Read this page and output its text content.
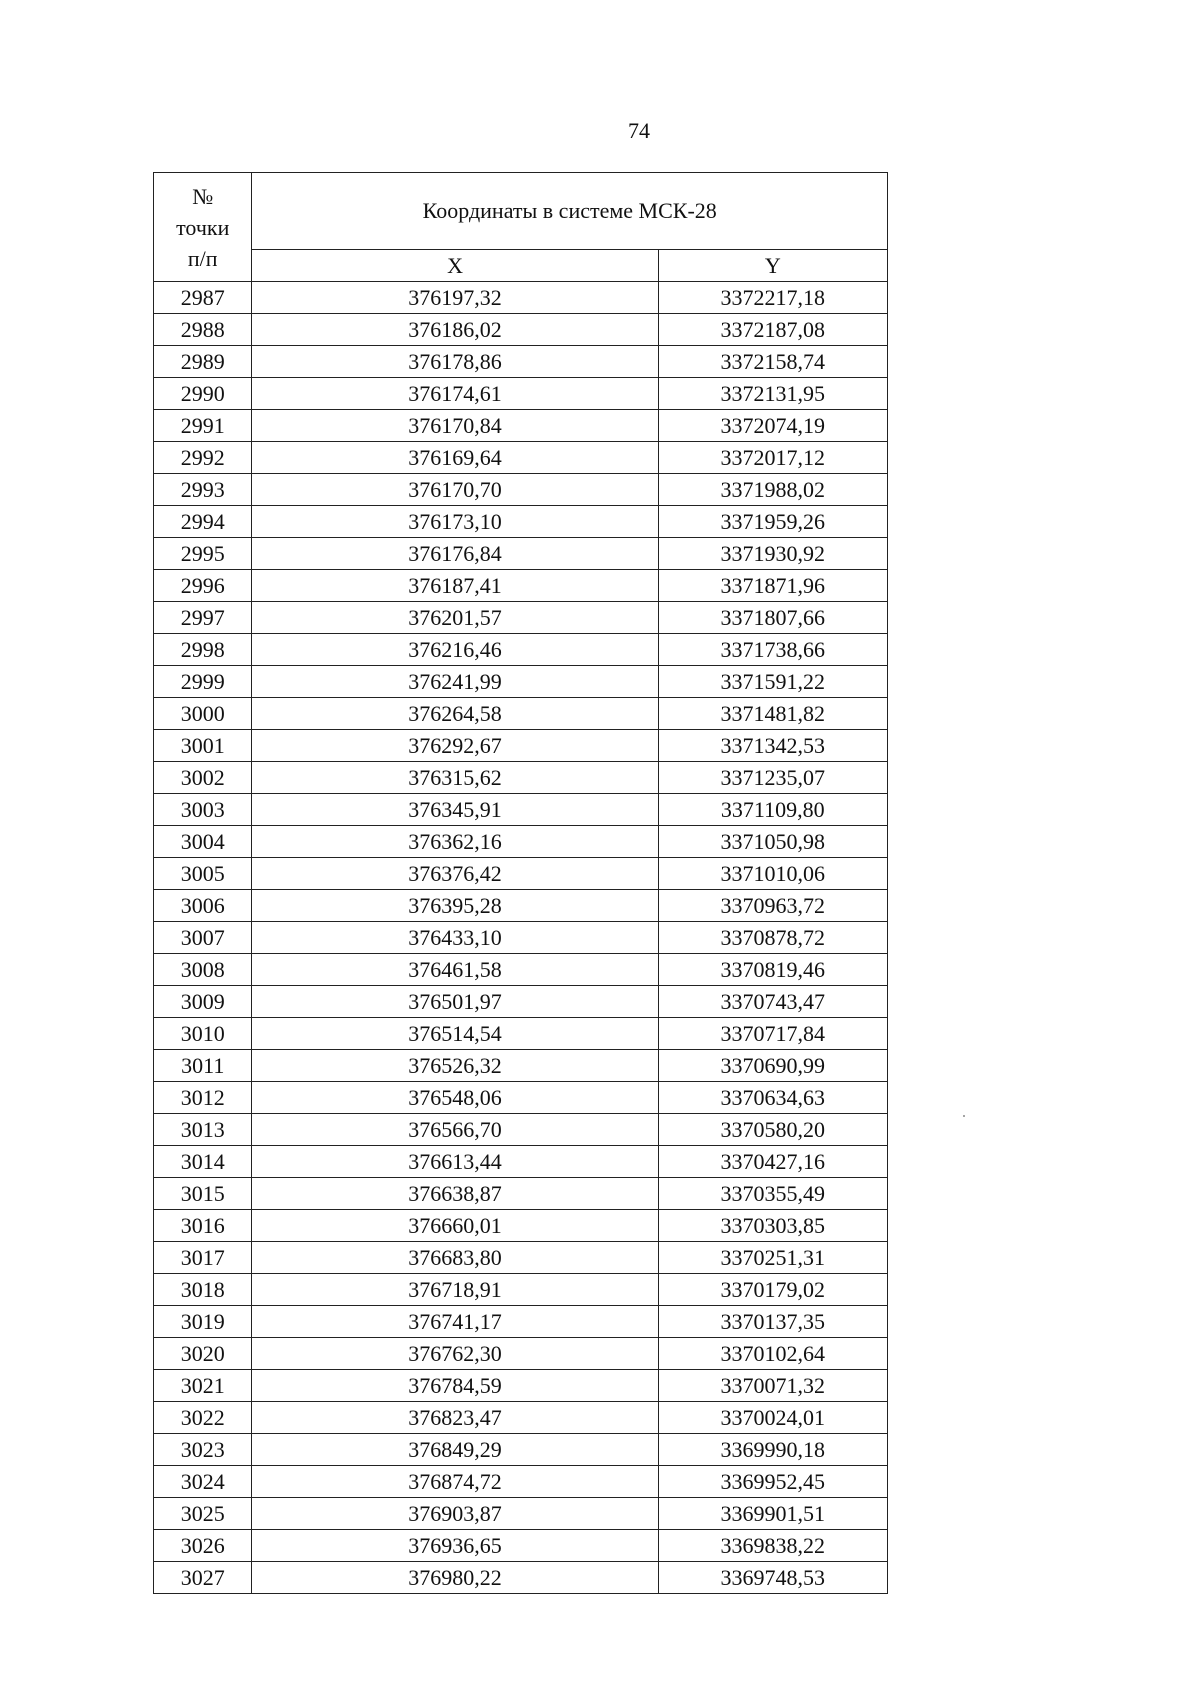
74
№
точки
п/п	Координаты в системе МСК-28	
	X	Y
2987	376197,32	3372217,18
2988	376186,02	3372187,08
2989	376178,86	3372158,74
2990	376174,61	3372131,95
2991	376170,84	3372074,19
2992	376169,64	3372017,12
2993	376170,70	3371988,02
2994	376173,10	3371959,26
2995	376176,84	3371930,92
2996	376187,41	3371871,96
2997	376201,57	3371807,66
2998	376216,46	3371738,66
2999	376241,99	3371591,22
3000	376264,58	3371481,82
3001	376292,67	3371342,53
3002	376315,62	3371235,07
3003	376345,91	3371109,80
3004	376362,16	3371050,98
3005	376376,42	3371010,06
3006	376395,28	3370963,72
3007	376433,10	3370878,72
3008	376461,58	3370819,46
3009	376501,97	3370743,47
3010	376514,54	3370717,84
3011	376526,32	3370690,99
3012	376548,06	3370634,63
3013	376566,70	3370580,20
3014	376613,44	3370427,16
3015	376638,87	3370355,49
3016	376660,01	3370303,85
3017	376683,80	3370251,31
3018	376718,91	3370179,02
3019	376741,17	3370137,35
3020	376762,30	3370102,64
3021	376784,59	3370071,32
3022	376823,47	3370024,01
3023	376849,29	3369990,18
3024	376874,72	3369952,45
3025	376903,87	3369901,51
3026	376936,65	3369838,22
3027	376980,22	3369748,53
